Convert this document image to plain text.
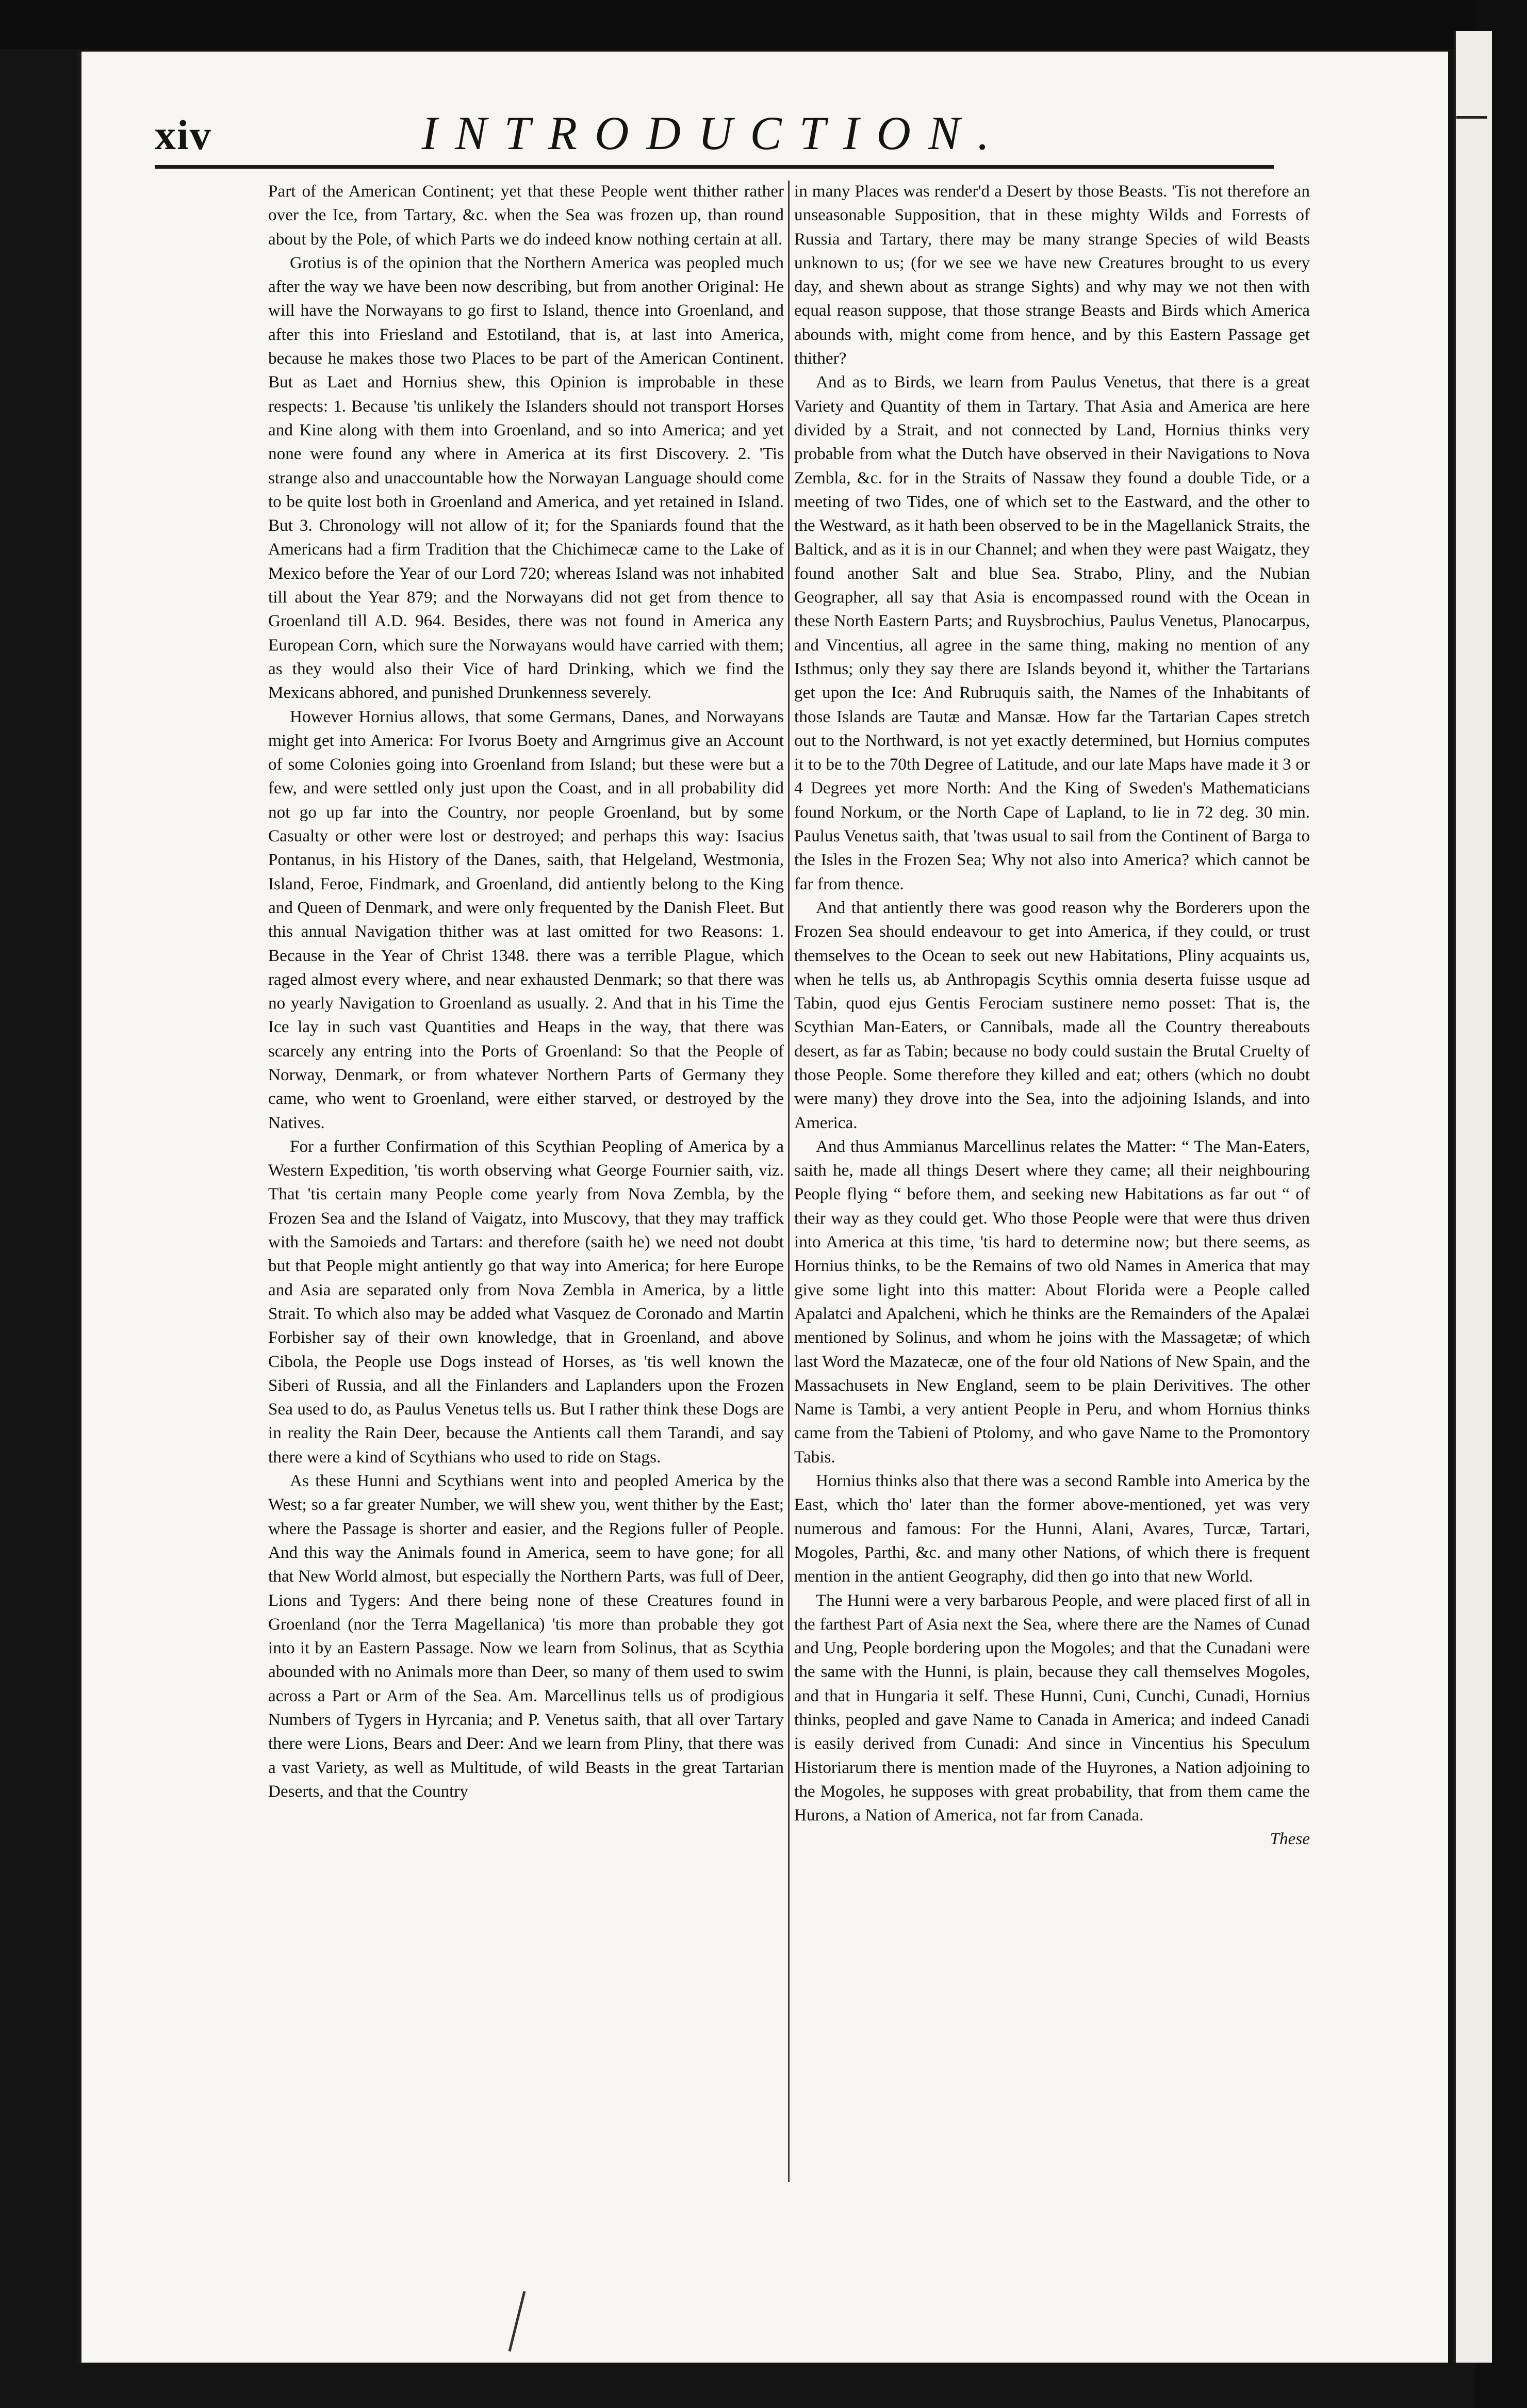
xiv	INTRODUCTION.

Part of the American Continent; yet that these People went thither rather over the Ice, from Tartary, &c. when the Sea was frozen up, than round about by the Pole, of which Parts we do indeed know nothing certain at all.

Grotius is of the opinion that the Northern America was peopled much after the way we have been now describing, but from another Original: He will have the Norwayans to go first to Island, thence into Groenland, and after this into Friesland and Estotiland, that is, at last into America, because he makes those two Places to be part of the American Continent. But as Laet and Hornius shew, this Opinion is improbable in these respects: 1. Because 'tis unlikely the Islanders should not transport Horses and Kine along with them into Groenland, and so into America; and yet none were found any where in America at its first Discovery. 2. 'Tis strange also and unaccountable how the Norwayan Language should come to be quite lost both in Groenland and America, and yet retained in Island. But 3. Chronology will not allow of it; for the Spaniards found that the Americans had a firm Tradition that the Chichimecæ came to the Lake of Mexico before the Year of our Lord 720; whereas Island was not inhabited till about the Year 879; and the Norwayans did not get from thence to Groenland till A.D. 964. Besides, there was not found in America any European Corn, which sure the Norwayans would have carried with them; as they would also their Vice of hard Drinking, which we find the Mexicans abhored, and punished Drunkenness severely.

However Hornius allows, that some Germans, Danes, and Norwayans might get into America: For Ivorus Boety and Arngrimus give an Account of some Colonies going into Groenland from Island; but these were but a few, and were settled only just upon the Coast, and in all probability did not go up far into the Country, nor people Groenland, but by some Casualty or other were lost or destroyed; and perhaps this way: Isacius Pontanus, in his History of the Danes, saith, that Helgeland, Westmonia, Island, Feroe, Findmark, and Groenland, did antiently belong to the King and Queen of Denmark, and were only frequented by the Danish Fleet. But this annual Navigation thither was at last omitted for two Reasons: 1. Because in the Year of Christ 1348. there was a terrible Plague, which raged almost every where, and near exhausted Denmark; so that there was no yearly Navigation to Groenland as usually. 2. And that in his Time the Ice lay in such vast Quantities and Heaps in the way, that there was scarcely any entring into the Ports of Groenland: So that the People of Norway, Denmark, or from whatever Northern Parts of Germany they came, who went to Groenland, were either starved, or destroyed by the Natives.

For a further Confirmation of this Scythian Peopling of America by a Western Expedition, 'tis worth observing what George Fournier saith, viz. That 'tis certain many People come yearly from Nova Zembla, by the Frozen Sea and the Island of Vaigatz, into Muscovy, that they may traffick with the Samoieds and Tartars: and therefore (saith he) we need not doubt but that People might antiently go that way into America; for here Europe and Asia are separated only from Nova Zembla in America, by a little Strait. To which also may be added what Vasquez de Coronado and Martin Forbisher say of their own knowledge, that in Groenland, and above Cibola, the People use Dogs instead of Horses, as 'tis well known the Siberi of Russia, and all the Finlanders and Laplanders upon the Frozen Sea used to do, as Paulus Venetus tells us. But I rather think these Dogs are in reality the Rain Deer, because the Antients call them Tarandi, and say there were a kind of Scythians who used to ride on Stags.

As these Hunni and Scythians went into and peopled America by the West; so a far greater Number, we will shew you, went thither by the East; where the Passage is shorter and easier, and the Regions fuller of People. And this way the Animals found in America, seem to have gone; for all that New World almost, but especially the Northern Parts, was full of Deer, Lions and Tygers: And there being none of these Creatures found in Groenland (nor the Terra Magellanica) 'tis more than probable they got into it by an Eastern Passage. Now we learn from Solinus, that as Scythia abounded with no Animals more than Deer, so many of them used to swim across a Part or Arm of the Sea. Am. Marcellinus tells us of prodigious Numbers of Tygers in Hyrcania; and P. Venetus saith, that all over Tartary there were Lions, Bears and Deer: And we learn from Pliny, that there was a vast Variety, as well as Multitude, of wild Beasts in the great Tartarian Deserts, and that the Country

in many Places was render'd a Desert by those Beasts. 'Tis not therefore an unseasonable Supposition, that in these mighty Wilds and Forrests of Russia and Tartary, there may be many strange Species of wild Beasts unknown to us; (for we see we have new Creatures brought to us every day, and shewn about as strange Sights) and why may we not then with equal reason suppose, that those strange Beasts and Birds which America abounds with, might come from hence, and by this Eastern Passage get thither?

And as to Birds, we learn from Paulus Venetus, that there is a great Variety and Quantity of them in Tartary. That Asia and America are here divided by a Strait, and not connected by Land, Hornius thinks very probable from what the Dutch have observed in their Navigations to Nova Zembla, &c. for in the Straits of Nassaw they found a double Tide, or a meeting of two Tides, one of which set to the Eastward, and the other to the Westward, as it hath been observed to be in the Magellanick Straits, the Baltick, and as it is in our Channel; and when they were past Waigatz, they found another Salt and blue Sea. Strabo, Pliny, and the Nubian Geographer, all say that Asia is encompassed round with the Ocean in these North Eastern Parts; and Ruysbrochius, Paulus Venetus, Planocarpus, and Vincentius, all agree in the same thing, making no mention of any Isthmus; only they say there are Islands beyond it, whither the Tartarians get upon the Ice: And Rubruquis saith, the Names of the Inhabitants of those Islands are Tautæ and Mansæ. How far the Tartarian Capes stretch out to the Northward, is not yet exactly determined, but Hornius computes it to be to the 70th Degree of Latitude, and our late Maps have made it 3 or 4 Degrees yet more North: And the King of Sweden's Mathematicians found Norkum, or the North Cape of Lapland, to lie in 72 deg. 30 min. Paulus Venetus saith, that 'twas usual to sail from the Continent of Barga to the Isles in the Frozen Sea; Why not also into America? which cannot be far from thence.

And that antiently there was good reason why the Borderers upon the Frozen Sea should endeavour to get into America, if they could, or trust themselves to the Ocean to seek out new Habitations, Pliny acquaints us, when he tells us, ab Anthropagis Scythis omnia deserta fuisse usque ad Tabin, quod ejus Gentis Ferociam sustinere nemo posset: That is, the Scythian Man-Eaters, or Cannibals, made all the Country thereabouts desert, as far as Tabin; because no body could sustain the Brutal Cruelty of those People. Some therefore they killed and eat; others (which no doubt were many) they drove into the Sea, into the adjoining Islands, and into America.

And thus Ammianus Marcellinus relates the Matter: “ The Man-Eaters, saith he, made all things Desert where they came; all their neighbouring People flying “ before them, and seeking new Habitations as far out “ of their way as they could get. Who those People were that were thus driven into America at this time, 'tis hard to determine now; but there seems, as Hornius thinks, to be the Remains of two old Names in America that may give some light into this matter: About Florida were a People called Apalatci and Apalcheni, which he thinks are the Remainders of the Apalæi mentioned by Solinus, and whom he joins with the Massagetæ; of which last Word the Mazatecæ, one of the four old Nations of New Spain, and the Massachusets in New England, seem to be plain Derivitives. The other Name is Tambi, a very antient People in Peru, and whom Hornius thinks came from the Tabieni of Ptolomy, and who gave Name to the Promontory Tabis.

Hornius thinks also that there was a second Ramble into America by the East, which tho' later than the former above-mentioned, yet was very numerous and famous: For the Hunni, Alani, Avares, Turcæ, Tartari, Mogoles, Parthi, &c. and many other Nations, of which there is frequent mention in the antient Geography, did then go into that new World.

The Hunni were a very barbarous People, and were placed first of all in the farthest Part of Asia next the Sea, where there are the Names of Cunad and Ung, People bordering upon the Mogoles; and that the Cunadani were the same with the Hunni, is plain, because they call themselves Mogoles, and that in Hungaria it self. These Hunni, Cuni, Cunchi, Cunadi, Hornius thinks, peopled and gave Name to Canada in America; and indeed Canadi is easily derived from Cunadi: And since in Vincentius his Speculum Historiarum there is mention made of the Huyrones, a Nation adjoining to the Mogoles, he supposes with great probability, that from them came the Hurons, a Nation of America, not far from Canada.

These
